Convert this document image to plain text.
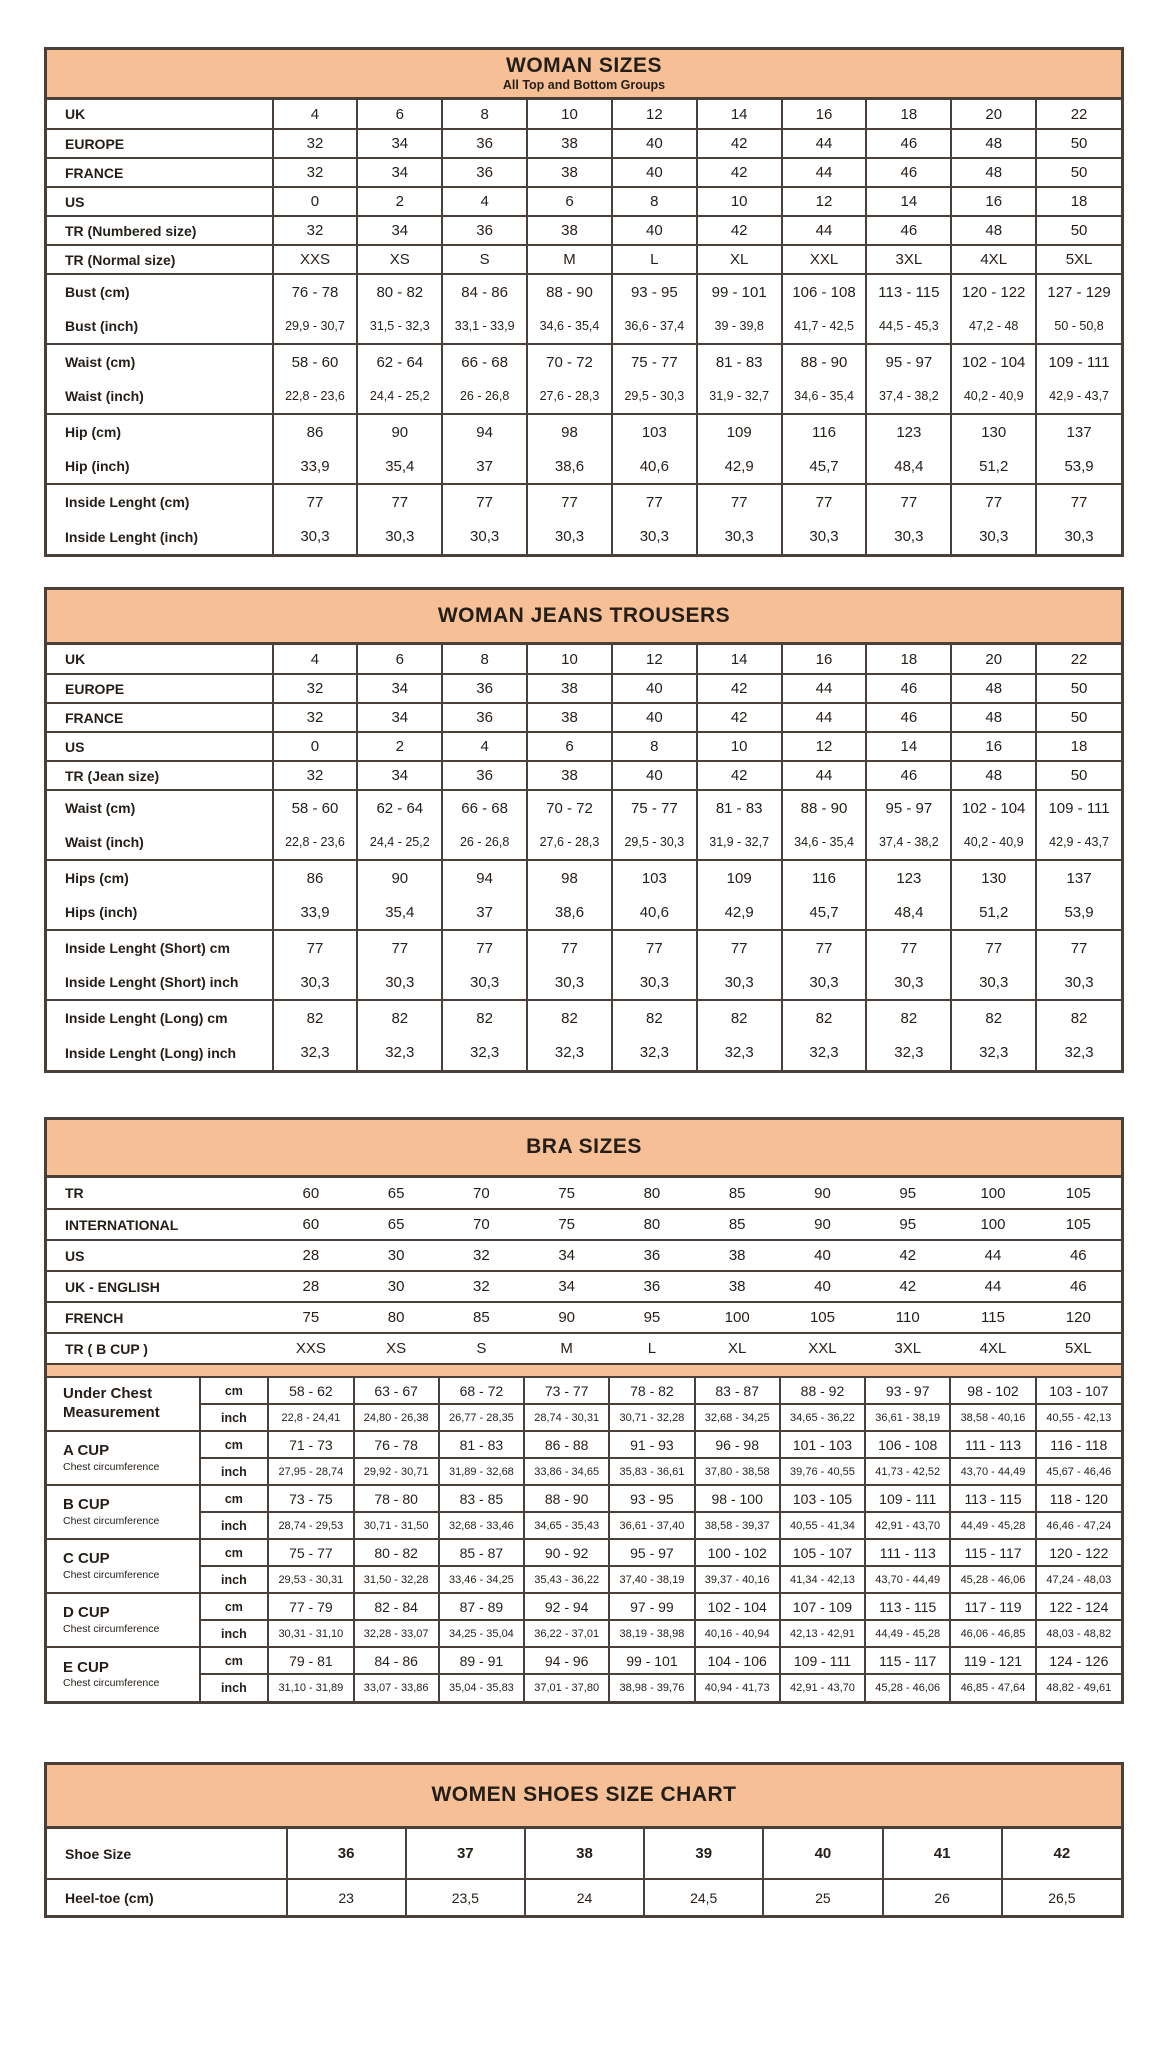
WOMAN SIZES
All Top and Bottom Groups
UK	4	6	8	10	12	14	16	18	20	22
EUROPE	32	34	36	38	40	42	44	46	48	50
FRANCE	32	34	36	38	40	42	44	46	48	50
US	0	2	4	6	8	10	12	14	16	18
TR (Numbered size)	32	34	36	38	40	42	44	46	48	50
TR (Normal size)	XXS	XS	S	M	L	XL	XXL	3XL	4XL	5XL
Bust (cm)	76 - 78	80 - 82	84 - 86	88 - 90	93 - 95	99 - 101	106 - 108	113 - 115	120 - 122	127 - 129
Bust (inch)	29,9 - 30,7	31,5 - 32,3	33,1 - 33,9	34,6 - 35,4	36,6 - 37,4	39 - 39,8	41,7 - 42,5	44,5 - 45,3	47,2 - 48	50 - 50,8
Waist (cm)	58 - 60	62 - 64	66 - 68	70 - 72	75 - 77	81 - 83	88 - 90	95 - 97	102 - 104	109 - 111
Waist (inch)	22,8 - 23,6	24,4 - 25,2	26 - 26,8	27,6 - 28,3	29,5 - 30,3	31,9 - 32,7	34,6 - 35,4	37,4 - 38,2	40,2 - 40,9	42,9 - 43,7
Hip (cm)	86	90	94	98	103	109	116	123	130	137
Hip (inch)	33,9	35,4	37	38,6	40,6	42,9	45,7	48,4	51,2	53,9
Inside Lenght (cm)	77	77	77	77	77	77	77	77	77	77
Inside Lenght (inch)	30,3	30,3	30,3	30,3	30,3	30,3	30,3	30,3	30,3	30,3
WOMAN JEANS TROUSERS
UK	4	6	8	10	12	14	16	18	20	22
EUROPE	32	34	36	38	40	42	44	46	48	50
FRANCE	32	34	36	38	40	42	44	46	48	50
US	0	2	4	6	8	10	12	14	16	18
TR (Jean size)	32	34	36	38	40	42	44	46	48	50
Waist (cm)	58 - 60	62 - 64	66 - 68	70 - 72	75 - 77	81 - 83	88 - 90	95 - 97	102 - 104	109 - 111
Waist (inch)	22,8 - 23,6	24,4 - 25,2	26 - 26,8	27,6 - 28,3	29,5 - 30,3	31,9 - 32,7	34,6 - 35,4	37,4 - 38,2	40,2 - 40,9	42,9 - 43,7
Hips (cm)	86	90	94	98	103	109	116	123	130	137
Hips (inch)	33,9	35,4	37	38,6	40,6	42,9	45,7	48,4	51,2	53,9
Inside Lenght (Short) cm	77	77	77	77	77	77	77	77	77	77
Inside Lenght (Short) inch	30,3	30,3	30,3	30,3	30,3	30,3	30,3	30,3	30,3	30,3
Inside Lenght (Long) cm	82	82	82	82	82	82	82	82	82	82
Inside Lenght (Long) inch	32,3	32,3	32,3	32,3	32,3	32,3	32,3	32,3	32,3	32,3
BRA SIZES
TR		60	65	70	75	80	85	90	95	100	105
INTERNATIONAL		60	65	70	75	80	85	90	95	100	105
US		28	30	32	34	36	38	40	42	44	46
UK - ENGLISH		28	30	32	34	36	38	40	42	44	46
FRENCH		75	80	85	90	95	100	105	110	115	120
TR ( B CUP )		XXS	XS	S	M	L	XL	XXL	3XL	4XL	5XL

Under Chest Measurement	cm	58 - 62	63 - 67	68 - 72	73 - 77	78 - 82	83 - 87	88 - 92	93 - 97	98 - 102	103 - 107
	inch	22,8 - 24,41	24,80 - 26,38	26,77 - 28,35	28,74 - 30,31	30,71 - 32,28	32,68 - 34,25	34,65 - 36,22	36,61 - 38,19	38,58 - 40,16	40,55 - 42,13

A CUP
Chest circumference	cm	71 - 73	76 - 78	81 - 83	86 - 88	91 - 93	96 - 98	101 - 103	106 - 108	111 - 113	116 - 118
	inch	27,95 - 28,74	29,92 - 30,71	31,89 - 32,68	33,86 - 34,65	35,83 - 36,61	37,80 - 38,58	39,76 - 40,55	41,73 - 42,52	43,70 - 44,49	45,67 - 46,46

B CUP
Chest circumference	cm	73 - 75	78 - 80	83 - 85	88 - 90	93 - 95	98 - 100	103 - 105	109 - 111	113 - 115	118 - 120
	inch	28,74 - 29,53	30,71 - 31,50	32,68 - 33,46	34,65 - 35,43	36,61 - 37,40	38,58 - 39,37	40,55 - 41,34	42,91 - 43,70	44,49 - 45,28	46,46 - 47,24

C CUP
Chest circumference	cm	75 - 77	80 - 82	85 - 87	90 - 92	95 - 97	100 - 102	105 - 107	111 - 113	115 - 117	120 - 122
	inch	29,53 - 30,31	31,50 - 32,28	33,46 - 34,25	35,43 - 36,22	37,40 - 38,19	39,37 - 40,16	41,34 - 42,13	43,70 - 44,49	45,28 - 46,06	47,24 - 48,03

D CUP
Chest circumference	cm	77 - 79	82 - 84	87 - 89	92 - 94	97 - 99	102 - 104	107 - 109	113 - 115	117 - 119	122 - 124
	inch	30,31 - 31,10	32,28 - 33,07	34,25 - 35,04	36,22 - 37,01	38,19 - 38,98	40,16 - 40,94	42,13 - 42,91	44,49 - 45,28	46,06 - 46,85	48,03 - 48,82

E CUP
Chest circumference	cm	79 - 81	84 - 86	89 - 91	94 - 96	99 - 101	104 - 106	109 - 111	115 - 117	119 - 121	124 - 126
	inch	31,10 - 31,89	33,07 - 33,86	35,04 - 35,83	37,01 - 37,80	38,98 - 39,76	40,94 - 41,73	42,91 - 43,70	45,28 - 46,06	46,85 - 47,64	48,82 - 49,61
WOMEN SHOES SIZE CHART
Shoe Size	36	37	38	39	40	41	42
Heel-toe (cm)	23	23,5	24	24,5	25	26	26,5
